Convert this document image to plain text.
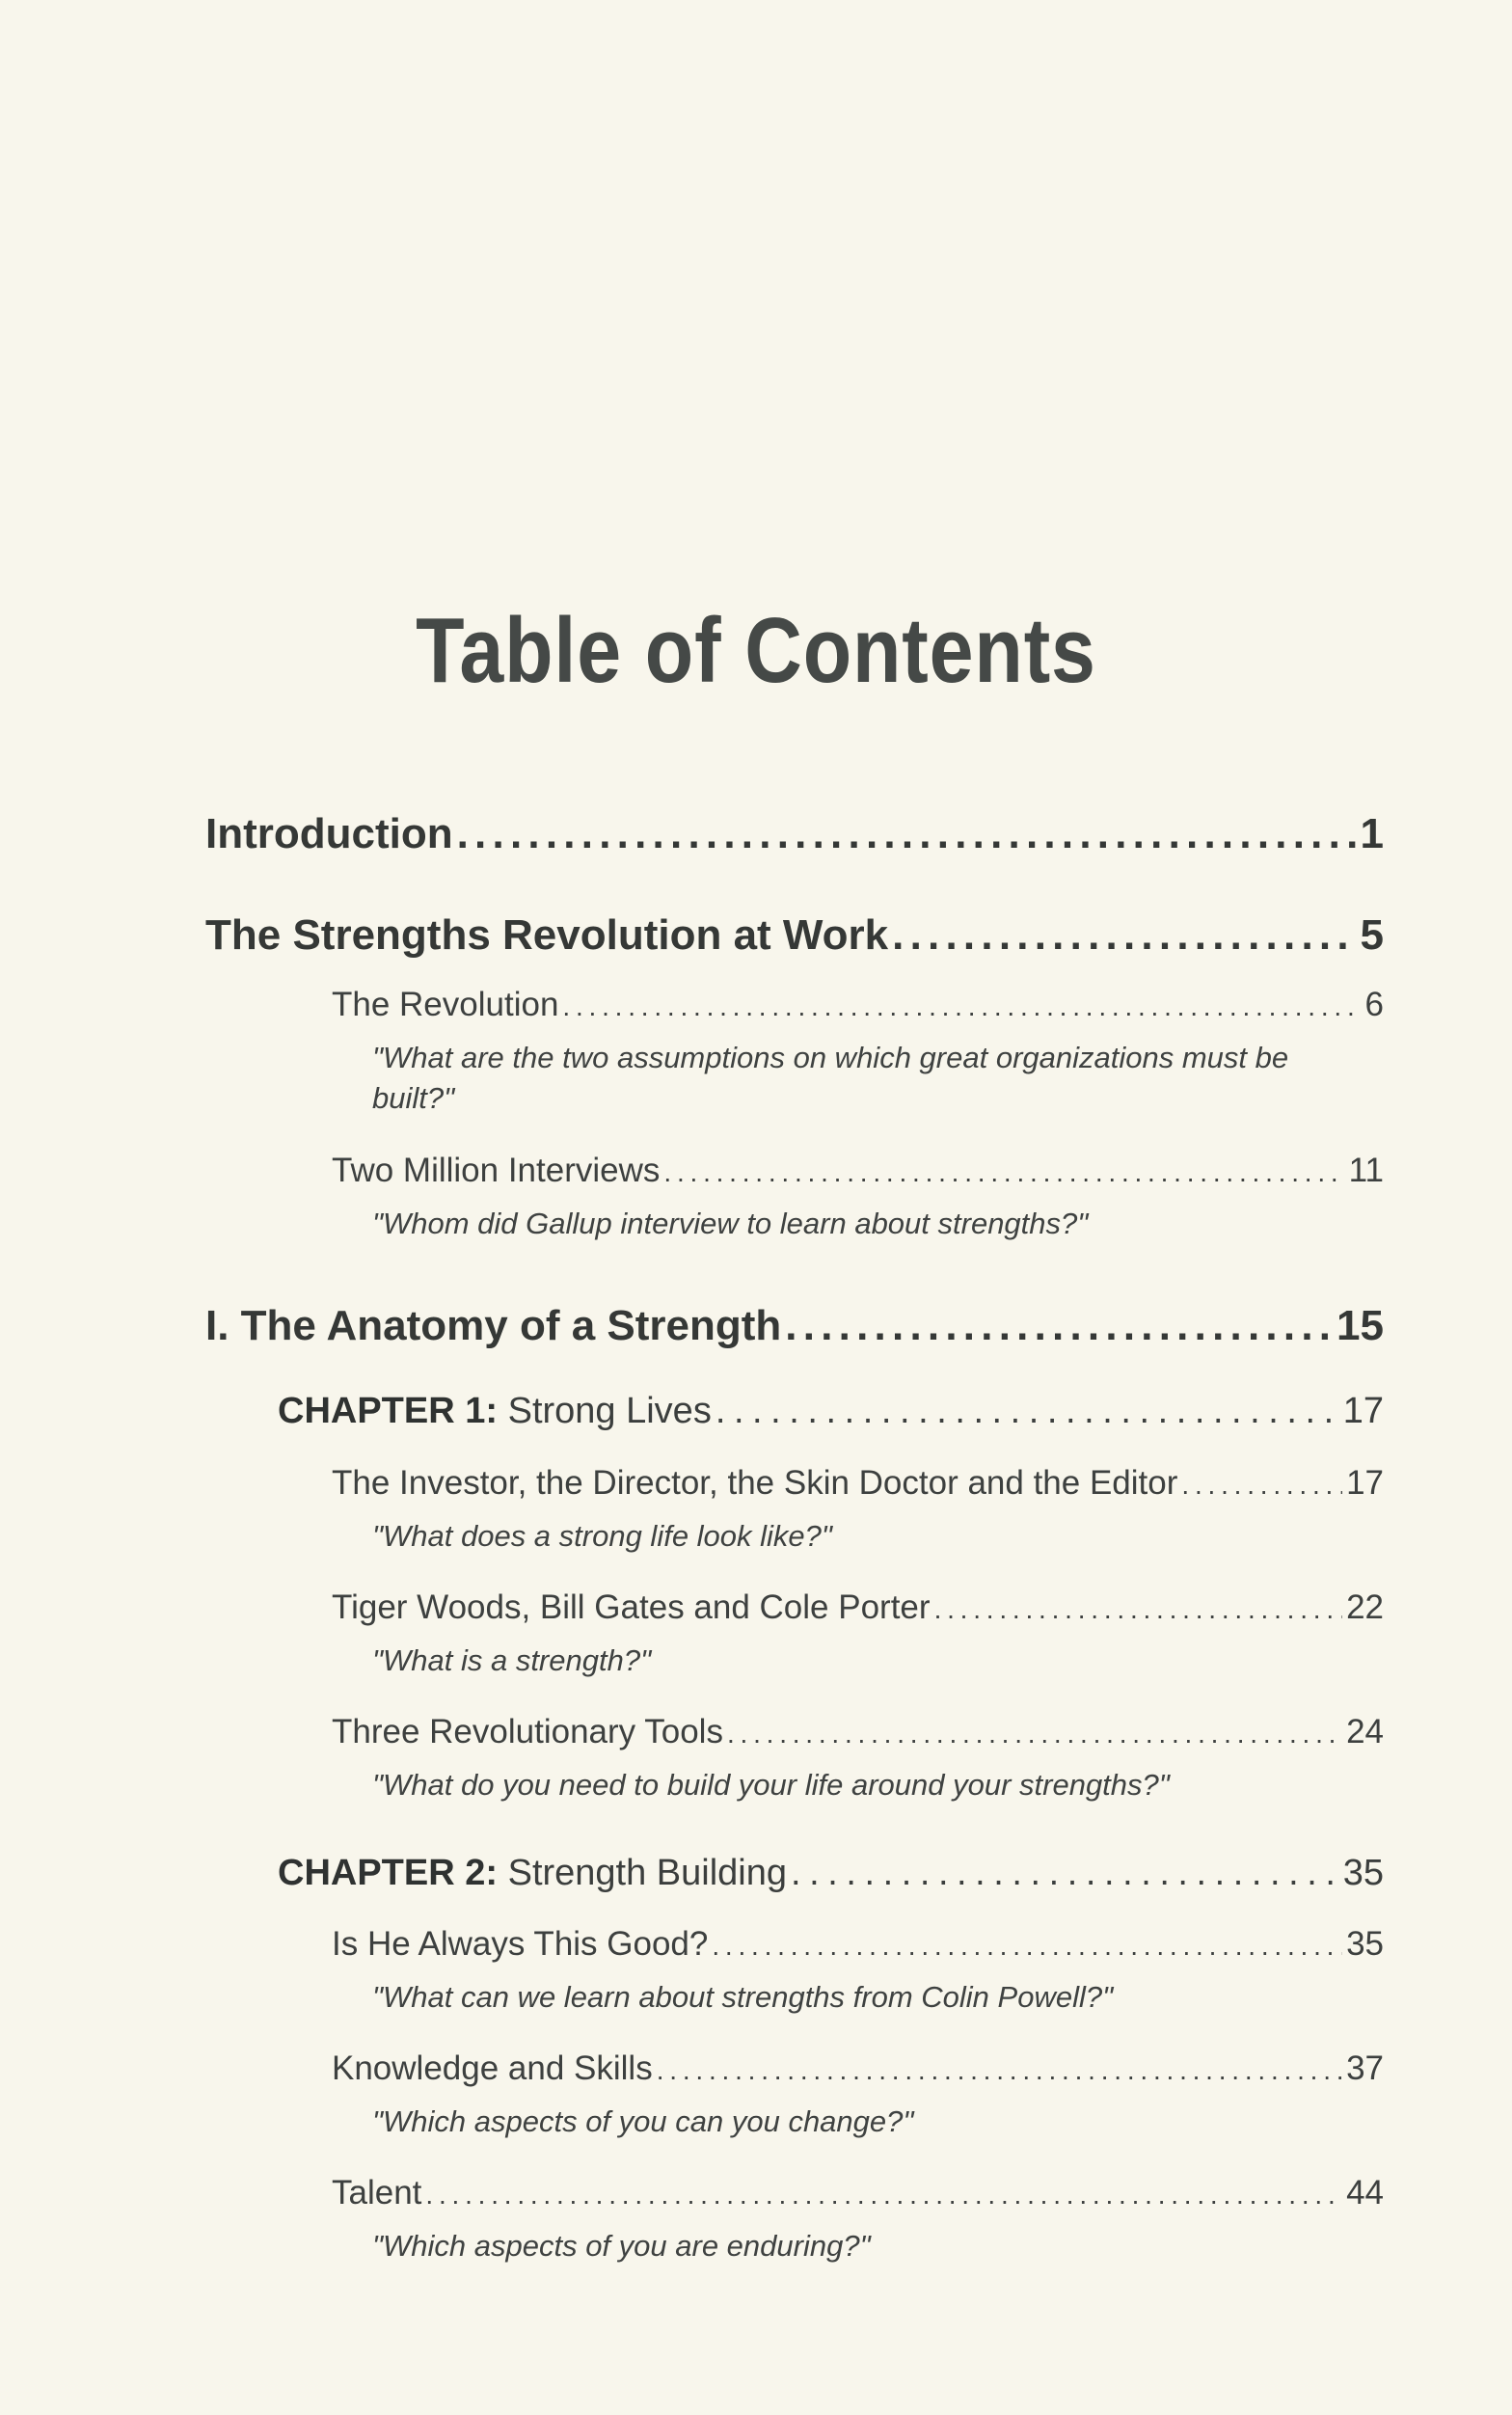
Table of Contents
Introduction . . .	1
The Strengths Revolution at Work . . .	5
The Revolution . . .	6
"What are the two assumptions on which great organizations must be built?"
Two Million Interviews . . .	11
"Whom did Gallup interview to learn about strengths?"
I. The Anatomy of a Strength . . .	15
CHAPTER 1: Strong Lives . . .	17
The Investor, the Director, the Skin Doctor and the Editor . . .	17
"What does a strong life look like?"
Tiger Woods, Bill Gates and Cole Porter . . .	22
"What is a strength?"
Three Revolutionary Tools . . .	24
"What do you need to build your life around your strengths?"
CHAPTER 2: Strength Building . . .	35
Is He Always This Good? . . .	35
"What can we learn about strengths from Colin Powell?"
Knowledge and Skills . . .	37
"Which aspects of you can you change?"
Talent . . .	44
"Which aspects of you are enduring?"
